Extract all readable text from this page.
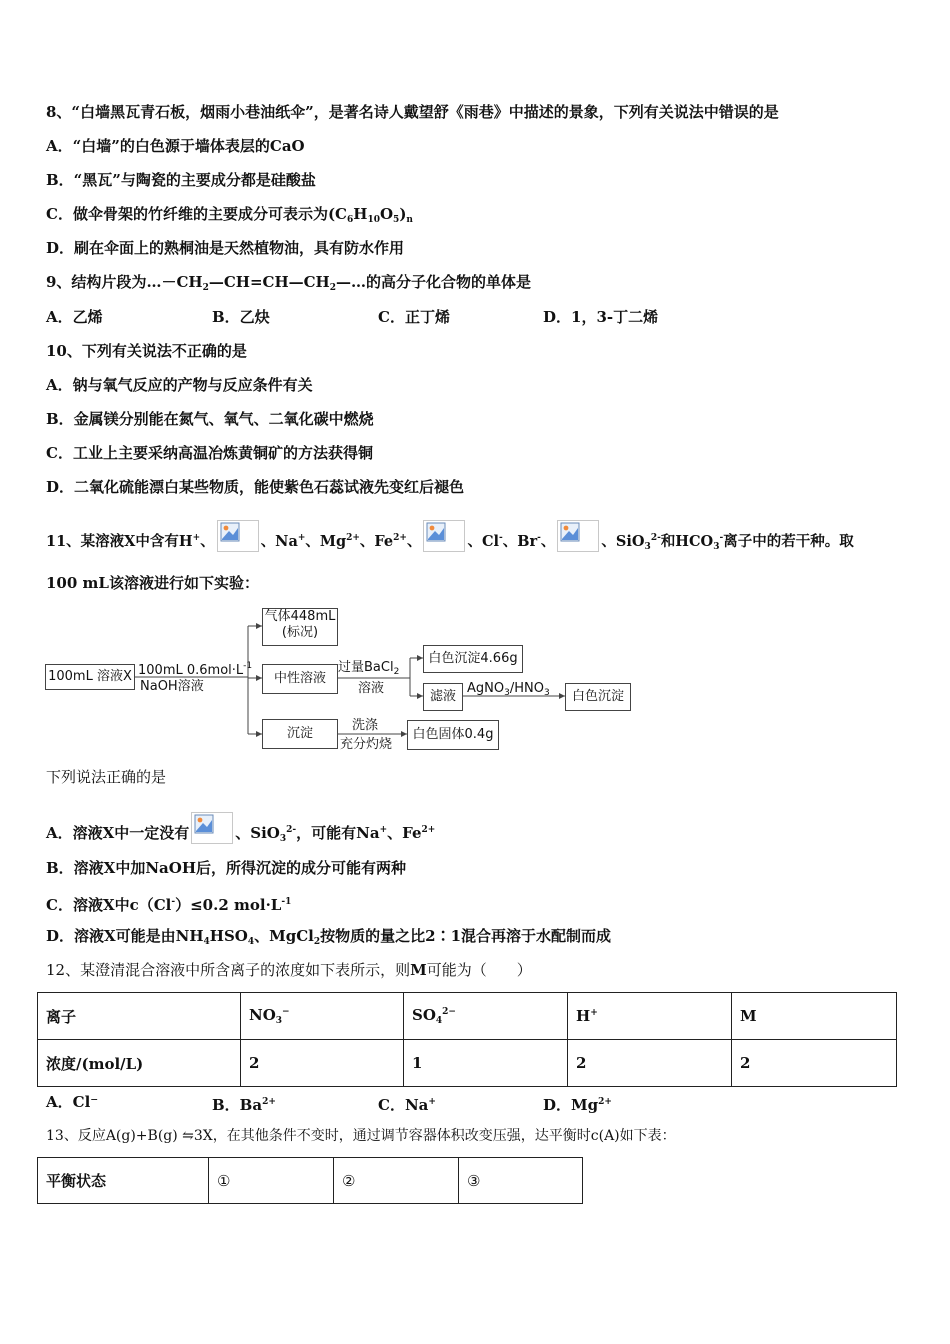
8、“白墙黑瓦青石板，烟雨小巷油纸伞”，是著名诗人戴望舒《雨巷》中描述的景象，下列有关说法中错误的是
A．“白墙”的白色源于墙体表层的CaO
B．“黑瓦”与陶瓷的主要成分都是硅酸盐
C．做伞骨架的竹纤维的主要成分可表示为$(C_6H_{10}O_5)_n$
D．刷在伞面上的熟桐油是天然植物油，具有防水作用
9、结构片段为$\dots-CH_2—CH=CH—CH_2—\dots$的高分子化合物的单体是
A．乙烯	B．乙炔	C．正丁烯	D．1，3-丁二烯
10、下列有关说法不正确的是
A．钠与氧气反应的产物与反应条件有关
B．金属镁分别能在氮气、氧气、二氧化碳中燃烧
C．工业上主要采纳高温冶炼黄铜矿的方法获得铜
D．二氧化硫能漂白某些物质，能使紫色石蕊试液先变红后褪色
11、某溶液X中含有H+、	、Na+、$Mg^{2+}$、$Fe^{2+}$、	、Cl-、Br-、	、SiO$_3^{2-}$和$HCO_3^-$离子中的若干种。取
100 mL该溶液进行如下实验：
100mL 溶液X 100mL $0.6mol\cdot L^{-1}$
NaOH溶液
气体448mL
(标况)
中性溶液
过量BaCl$_2$
溶液
白色沉淀4.66g
滤液
$AgNO_3/HNO_3$	白色沉淀
沉淀
洗涤
充分灼烧
白色固体0.4g
下列说法正确的是
A．溶液X中一定没有	、SiO$_3^{2-}$，可能有Na+、$Fe^{2+}$
B．溶液X中加NaOH后，所得沉淀的成分可能有两种
C．溶液X中c（Cl-）≤0.2 $mol\cdot L^{-1}$
D．溶液X可能是由$NH_4HSO_4$、MgCl$_2$按物质的量之比2∶1混合再溶于水配制而成
12、某澄清混合溶液中所含离子的浓度如下表所示，则M可能为（　　）
离子	$NO_3^-$	$SO_4^{2-}$	H+	M
浓度/(mol/L)	2	1	2	2
A．Cl⁻	B．$Ba^{2+}$	C．Na+	D．$Mg^{2+}$
13、反应A(g)+B(g) ⇋3X，在其他条件不变时，通过调节容器体积改变压强，达平衡时c(A)如下表：
平衡状态	①	②	③
